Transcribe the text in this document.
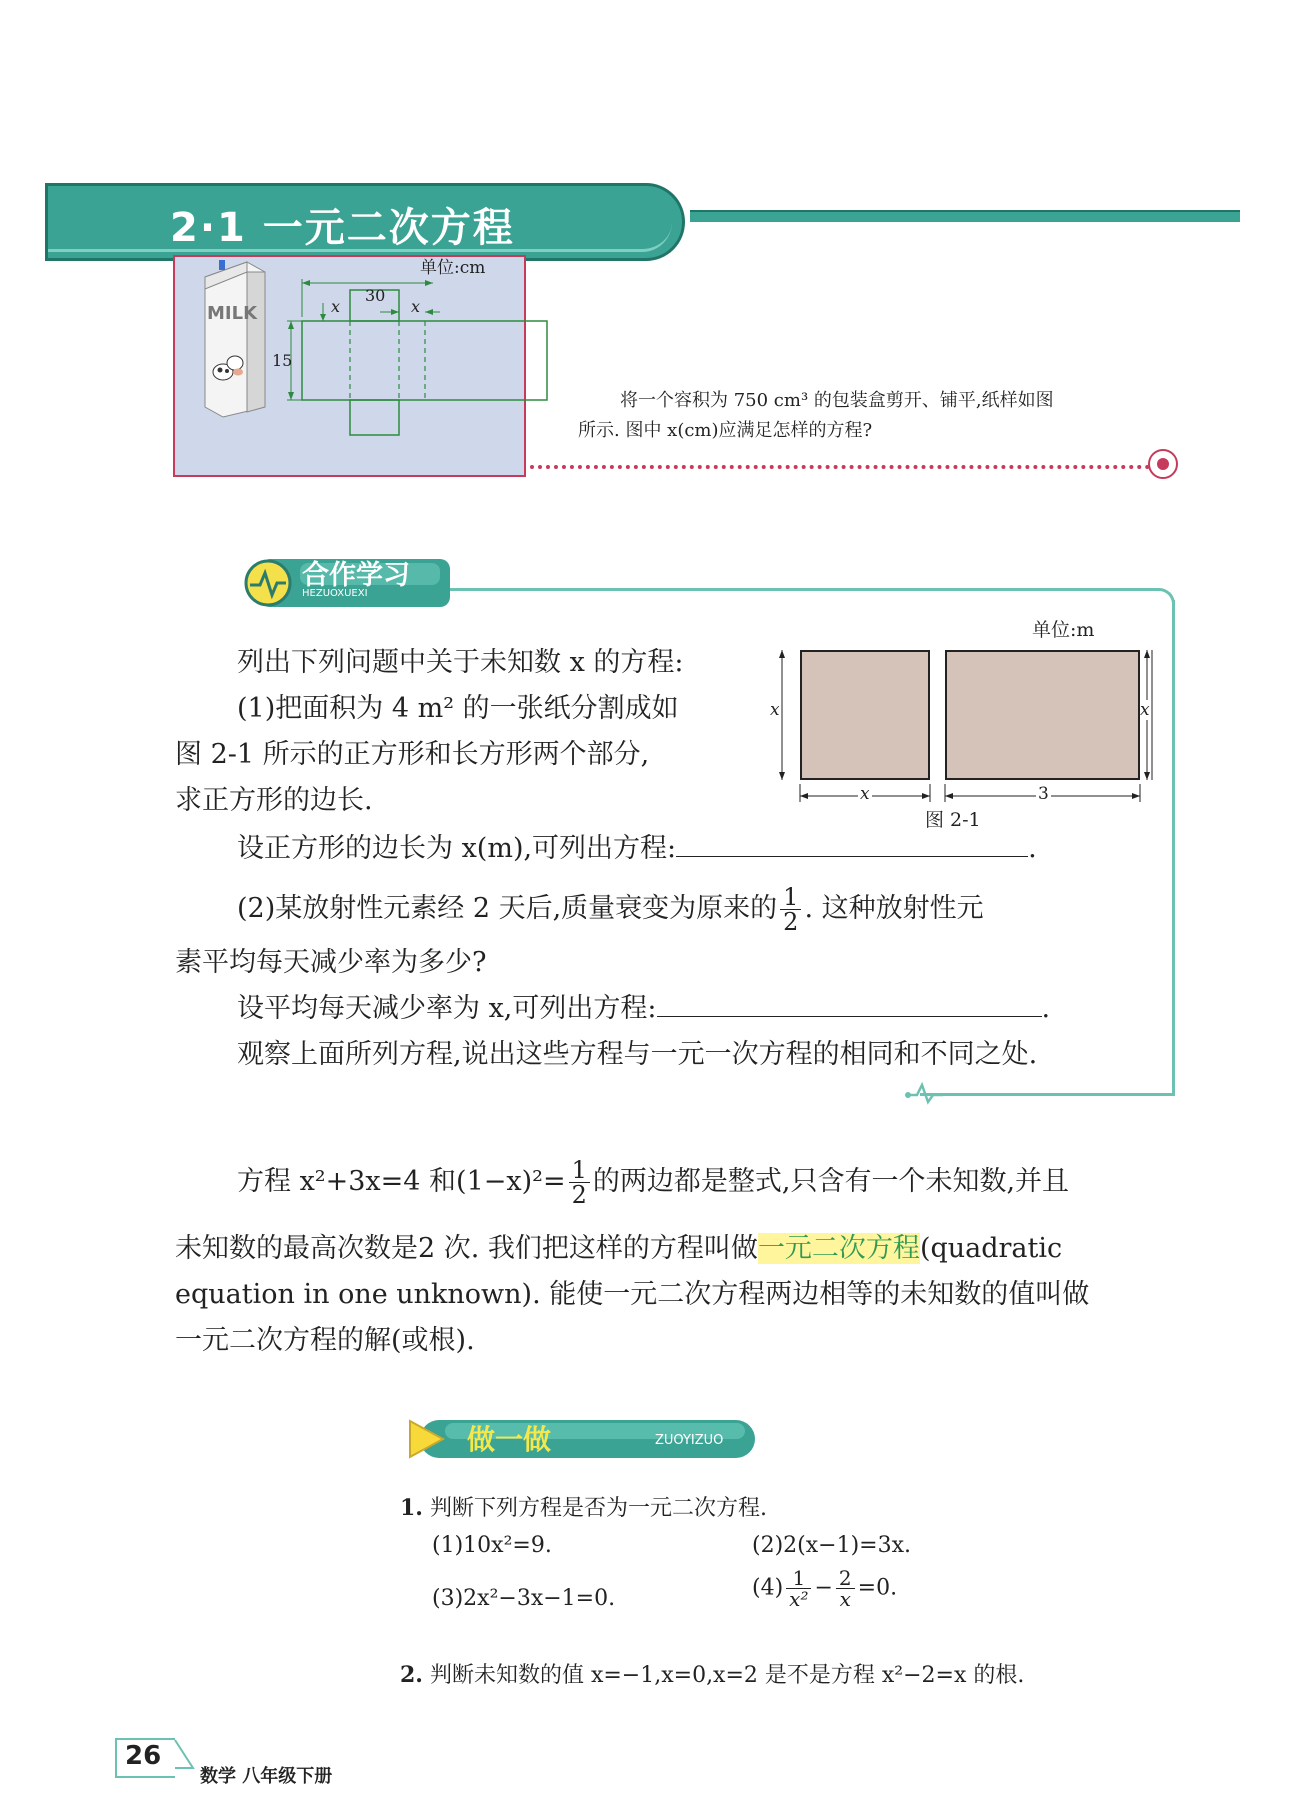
2·1 一元二次方程
MILK
单位:cm
30
15
x	x
将一个容积为 750 cm³ 的包装盒剪开、铺平,纸样如图
所示. 图中 x(cm)应满足怎样的方程?
合作学习
HEZUOXUEXI
列出下列问题中关于未知数 x 的方程:
(1)把面积为 4 m² 的一张纸分割成如
图 2-1 所示的正方形和长方形两个部分,
求正方形的边长.
设正方形的边长为 x(m),可列出方程:	.
(2)某放射性元素经 2 天后,质量衰变为原来的 $\frac{1}{2}$ . 这种放射性元
素平均每天减少率为多少?
设平均每天减少率为 x,可列出方程:	.
观察上面所列方程,说出这些方程与一元一次方程的相同和不同之处.
单位:m
x	x
x	3
图 2-1
方程 x²+3x=4 和$(1-x)^2= \frac{1}{2}$ 的两边都是整式,只含有一个未知数,并且
未知数的最高次数是2 次. 我们把这样的方程叫做一元二次方程(quadratic
equation in one unknown). 能使一元二次方程两边相等的未知数的值叫做
一元二次方程的解(或根).
做一做	ZUOYIZUO
1. 判断下列方程是否为一元二次方程.
(1)10x²=9.	(2)2(x−1)=3x.
(3)2x²−3x−1=0.	$(4) \frac{1}{\text{x²}} - \frac{2}{x} =0$.
2. 判断未知数的值 x=−1,x=0,x=2 是不是方程 x²−2=x 的根.
26
数学 八年级下册
